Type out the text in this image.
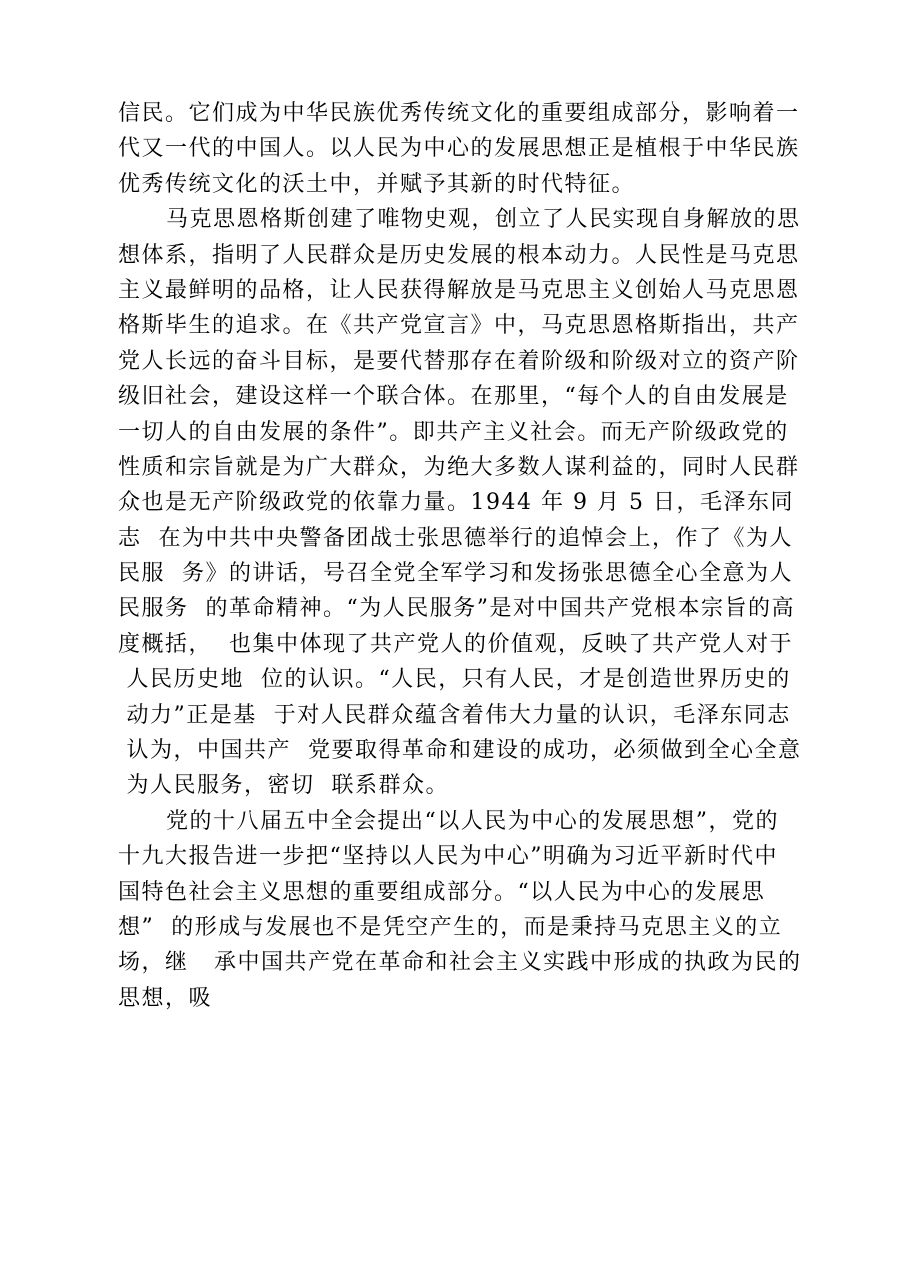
信民。它们成为中华民族优秀传统文化的重要组成部分，影响着一
代又一代的中国人。以人民为中心的发展思想正是植根于中华民族
优秀传统文化的沃土中，并赋予其新的时代特征。
马克思恩格斯创建了唯物史观，创立了人民实现自身解放的思
想体系，指明了人民群众是历史发展的根本动力。人民性是马克思
主义最鲜明的品格，让人民获得解放是马克思主义创始人马克思恩
格斯毕生的追求。在《共产党宣言》中，马克思恩格斯指出，共产
党人长远的奋斗目标，是要代替那存在着阶级和阶级对立的资产阶
级旧社会，建设这样一个联合体。在那里，“每个人的自由发展是
一切人的自由发展的条件”。即共产主义社会。而无产阶级政党的
性质和宗旨就是为广大群众，为绝大多数人谋利益的，同时人民群
众也是无产阶级政党的依靠力量。1944 年 9 月 5 日，毛泽东同
志  在为中共中央警备团战士张思德举行的追悼会上，作了《为人
民服  务》的讲话，号召全党全军学习和发扬张思德全心全意为人
民服务  的革命精神。“为人民服务”是对中国共产党根本宗旨的高
度概括，  也集中体现了共产党人的价值观，反映了共产党人对于
人民历史地  位的认识。“人民，只有人民，才是创造世界历史的
动力”正是基  于对人民群众蕴含着伟大力量的认识，毛泽东同志
认为，中国共产  党要取得革命和建设的成功，必须做到全心全意
为人民服务，密切  联系群众。
党的十八届五中全会提出“以人民为中心的发展思想”，党的
十九大报告进一步把“坚持以人民为中心”明确为习近平新时代中
国特色社会主义思想的重要组成部分。“以人民为中心的发展思
想”  的形成与发展也不是凭空产生的，而是秉持马克思主义的立
场，继   承中国共产党在革命和社会主义实践中形成的执政为民的
思想，吸
